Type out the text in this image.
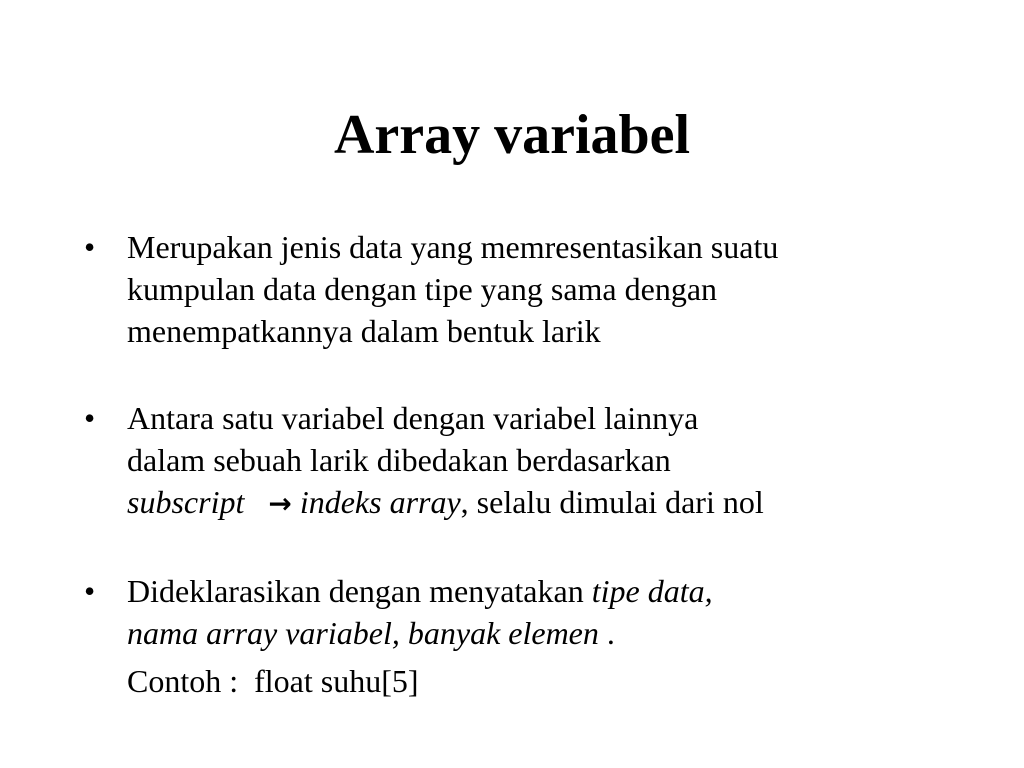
Array variabel
• Merupakan jenis data yang memresentasikan suatu
kumpulan data dengan tipe yang sama dengan
menempatkannya dalam bentuk larik
• Antara satu variabel dengan variabel lainnya
dalam sebuah larik dibedakan berdasarkan
subscript → indeks array, selalu dimulai dari nol
• Dideklarasikan dengan menyatakan tipe data,
nama array variabel, banyak elemen .
Contoh :  float suhu[5]
